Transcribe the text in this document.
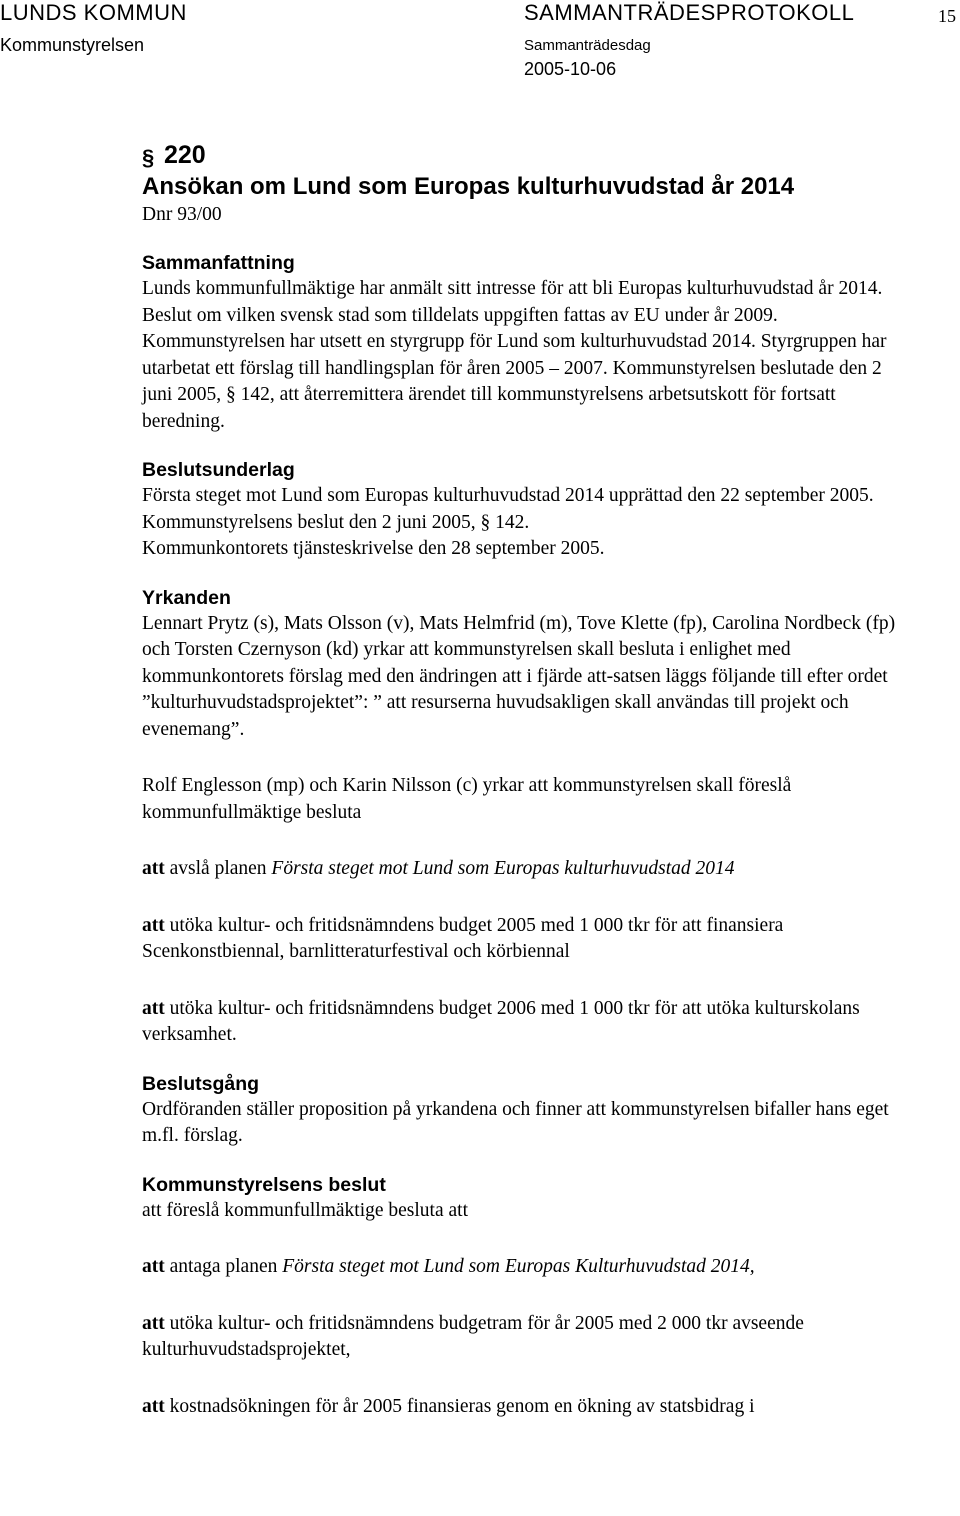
LUNDS KOMMUN
Kommunstyrelsen
SAMMANTRÄDESPROTOKOLL
Sammanträdesdag
2005-10-06
15
§ 220
Ansökan om Lund som Europas kulturhuvudstad år 2014
Dnr 93/00
Sammanfattning

Lunds kommunfullmäktige har anmält sitt intresse för att bli Europas kulturhuvudstad år 2014. Beslut om vilken svensk stad som tilldelats uppgiften fattas av EU under år 2009. Kommunstyrelsen har utsett en styrgrupp för Lund som kulturhuvudstad 2014. Styrgruppen har utarbetat ett förslag till handlingsplan för åren 2005 – 2007. Kommunstyrelsen beslutade den 2 juni 2005, § 142, att återremittera ärendet till kommunstyrelsens arbetsutskott för fortsatt beredning.

Beslutsunderlag

Första steget mot Lund som Europas kulturhuvudstad 2014 upprättad den 22 september 2005.

Kommunstyrelsens beslut den 2 juni 2005, § 142.

Kommunkontorets tjänsteskrivelse den 28 september 2005.

Yrkanden

Lennart Prytz (s), Mats Olsson (v), Mats Helmfrid (m), Tove Klette (fp), Carolina Nordbeck (fp) och Torsten Czernyson (kd) yrkar att kommunstyrelsen skall besluta i enlighet med kommunkontorets förslag med den ändringen att i fjärde att-satsen läggs följande till efter ordet ”kulturhuvudstadsprojektet”: ” att resurserna huvudsakligen skall användas till projekt och evenemang”.

Rolf Englesson (mp) och Karin Nilsson (c) yrkar att kommunstyrelsen skall föreslå kommunfullmäktige besluta

att avslå planen Första steget mot Lund som Europas kulturhuvudstad 2014

att utöka kultur- och fritidsnämndens budget 2005 med 1 000 tkr för att finansiera Scenkonstbiennal, barnlitteraturfestival och körbiennal

att utöka kultur- och fritidsnämndens budget 2006 med 1 000 tkr för att utöka kulturskolans verksamhet.

Beslutsgång

Ordföranden ställer proposition på yrkandena och finner att kommunstyrelsen bifaller hans eget m.fl. förslag.

Kommunstyrelsens beslut

att föreslå kommunfullmäktige besluta att

att antaga planen Första steget mot Lund som Europas Kulturhuvudstad 2014,

att utöka kultur- och fritidsnämndens budgetram för år 2005 med 2 000 tkr avseende kulturhuvudstadsprojektet,

att kostnadsökningen för år 2005 finansieras genom en ökning av statsbidrag i
